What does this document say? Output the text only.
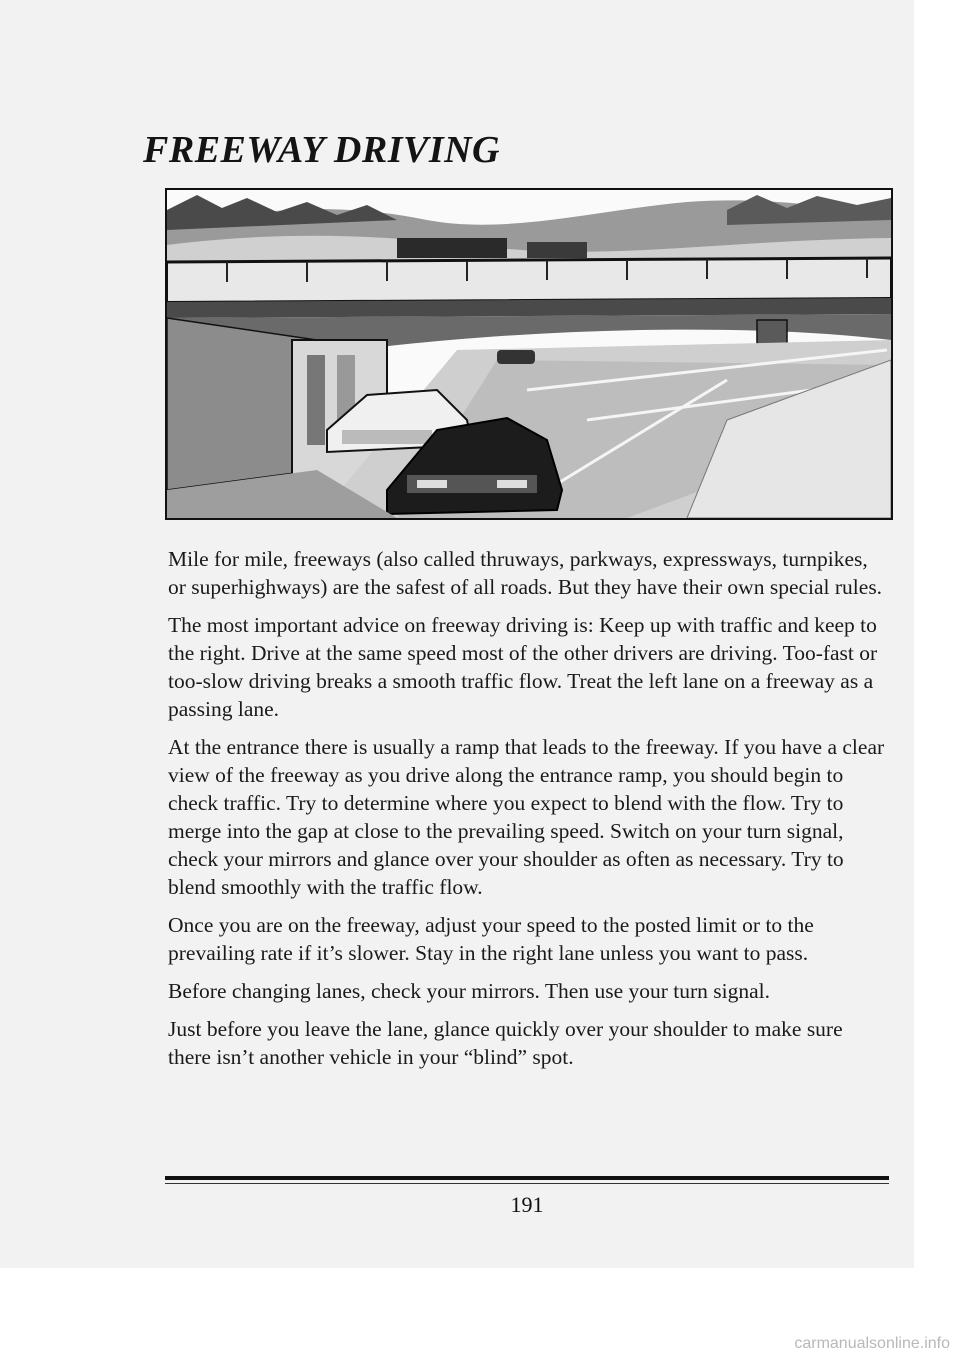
FREEWAY DRIVING

Mile for mile, freeways (also called thruways, parkways, expressways, turnpikes, or superhighways) are the safest of all roads. But they have their own special rules.

The most important advice on freeway driving is: Keep up with traffic and keep to the right. Drive at the same speed most of the other drivers are driving. Too-fast or too-slow driving breaks a smooth traffic flow. Treat the left lane on a freeway as a passing lane.

At the entrance there is usually a ramp that leads to the freeway. If you have a clear view of the freeway as you drive along the entrance ramp, you should begin to check traffic. Try to determine where you expect to blend with the flow. Try to merge into the gap at close to the prevailing speed. Switch on your turn signal, check your mirrors and glance over your shoulder as often as necessary. Try to blend smoothly with the traffic flow.

Once you are on the freeway, adjust your speed to the posted limit or to the prevailing rate if it’s slower. Stay in the right lane unless you want to pass.

Before changing lanes, check your mirrors. Then use your turn signal.

Just before you leave the lane, glance quickly over your shoulder to make sure there isn’t another vehicle in your “blind” spot.

191
carmanualsonline.info
